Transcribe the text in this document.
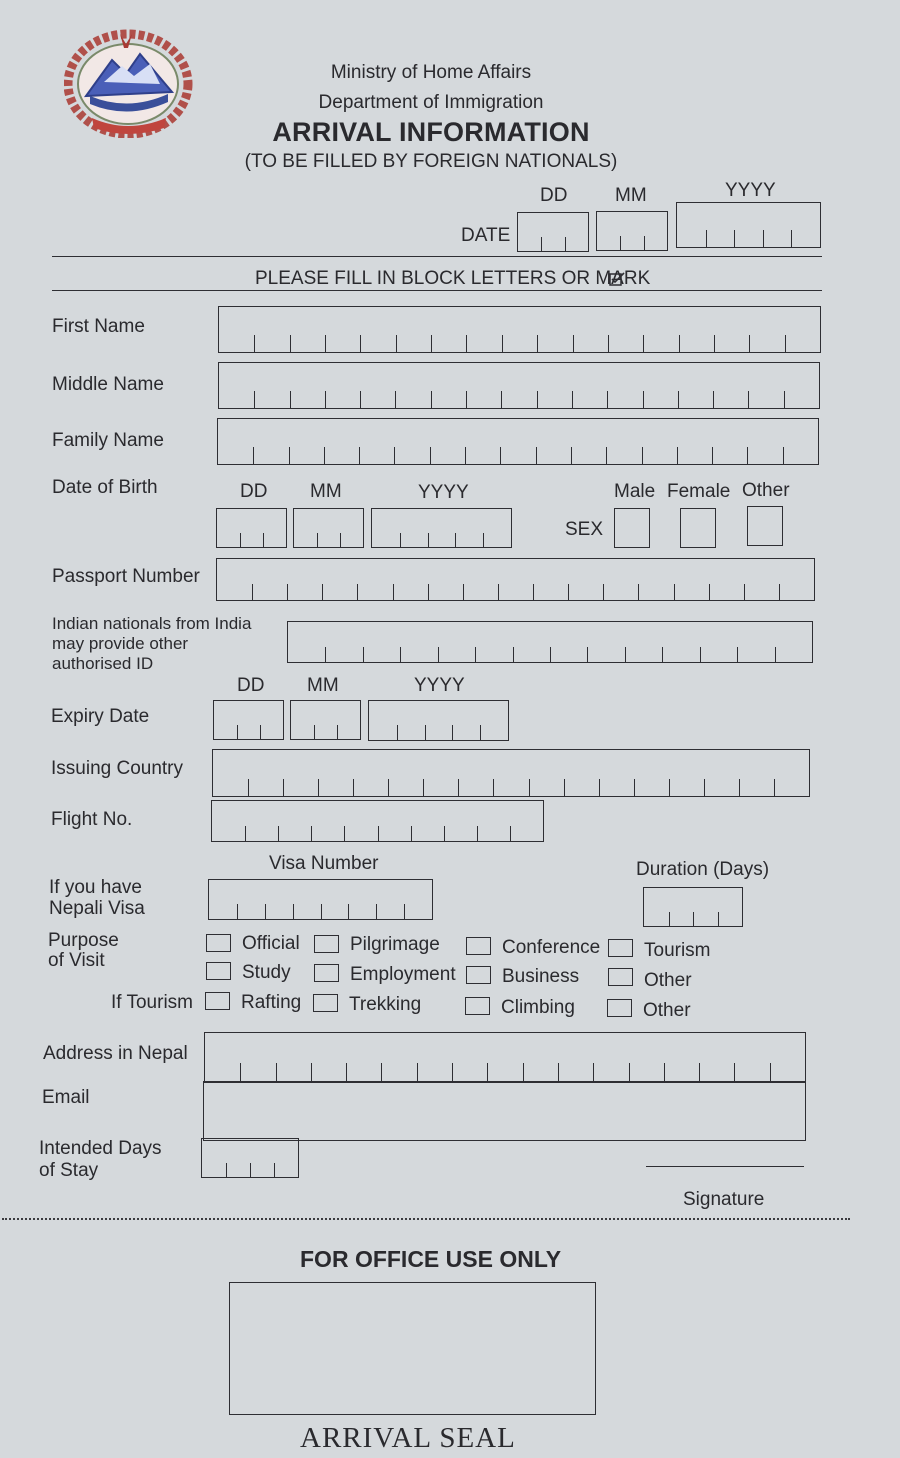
Ministry of Home Affairs
Department of Immigration
ARRIVAL INFORMATION
(TO BE FILLED BY FOREIGN NATIONALS)
DD	MM	YYYY
DATE
PLEASE FILL IN BLOCK LETTERS OR MARK
First Name
Middle Name
Family Name
Date of Birth	DD MM	YYYY	Male Female Other
SEX
Passport Number
Indian nationals from India
may provide other
authorised ID
DD MM	YYYY
Expiry Date
Issuing Country
Flight No.
Visa Number	Duration (Days)
If you have
Nepali Visa
Purpose
of Visit
Official	Pilgrimage	Conference Tourism
Study	Employment Business	Other
If Tourism	Rafting	Trekking	Climbing	Other
Address in Nepal
Email
Intended Days
of Stay
Signature
FOR OFFICE USE ONLY
ARRIVAL SEAL
